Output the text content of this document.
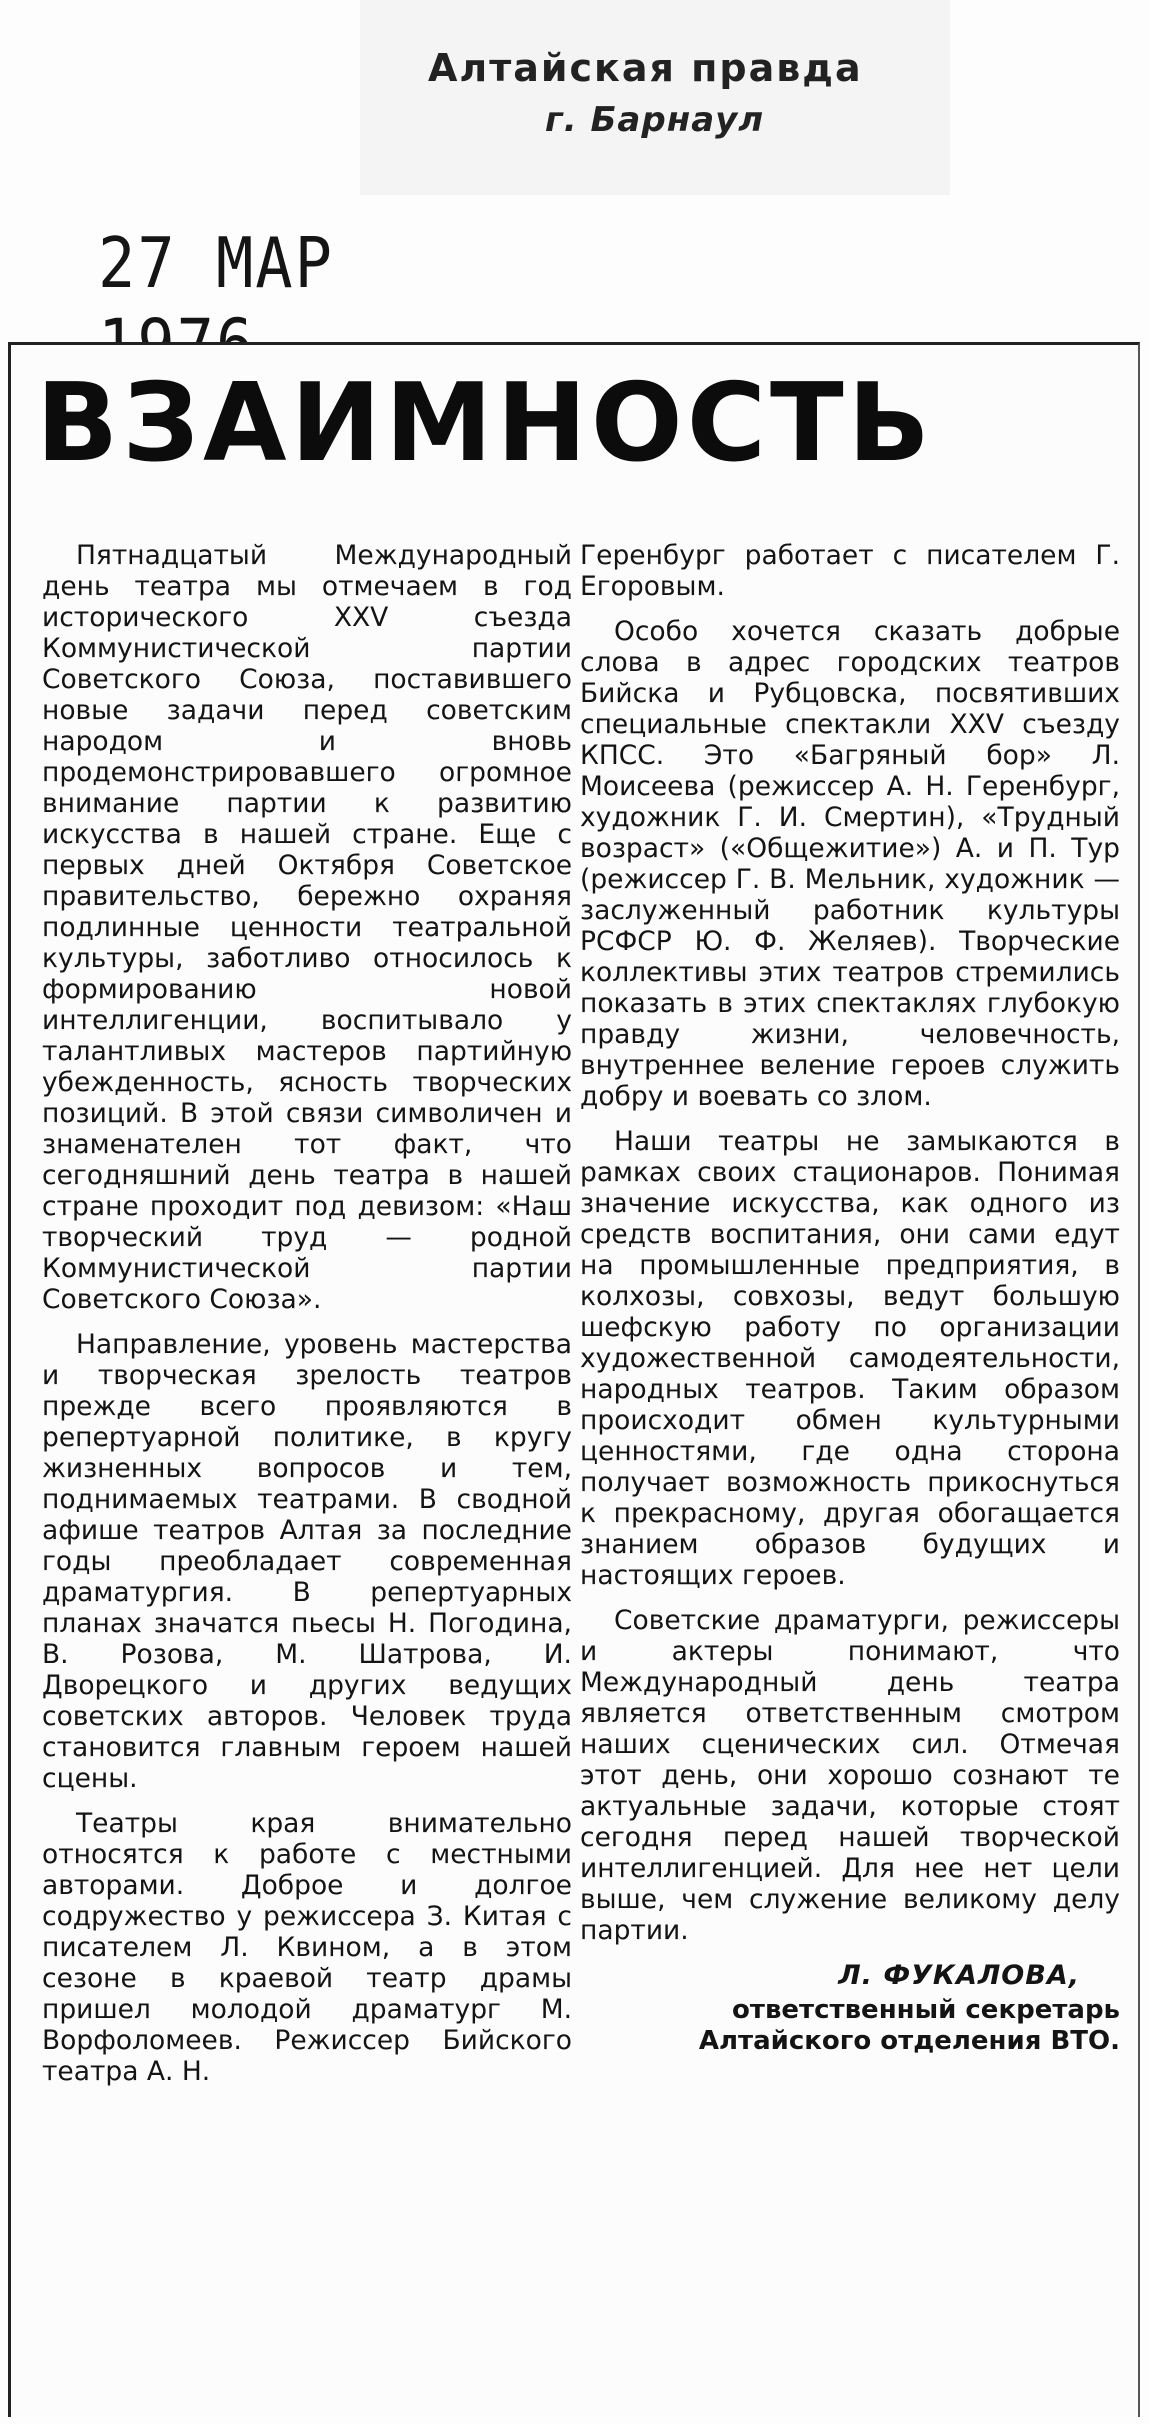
Алтайская правда
г. Барнаул
27 МАР
ВЗАИМНОСТЬ

Пятнадцатый Международный день театра мы отмечаем в год исторического XXV съезда Коммунистической партии Советского Союза, поставившего новые задачи перед советским народом и вновь продемонстрировавшего огромное внимание партии к развитию искусства в нашей стране. Еще с первых дней Октября Советское правительство, бережно охраняя подлинные ценности театральной культуры, заботливо относилось к формированию новой интеллигенции, воспитывало у талантливых мастеров партийную убежденность, ясность творческих позиций. В этой связи символичен и знаменателен тот факт, что сегодняшний день театра в нашей стране проходит под девизом: «Наш творческий труд — родной Коммунистической партии Советского Союза».

Направление, уровень мастерства и творческая зрелость театров прежде всего проявляются в репертуарной политике, в кругу жизненных вопросов и тем, поднимаемых театрами. В сводной афише театров Алтая за последние годы преобладает современная драматургия. В репертуарных планах значатся пьесы Н. Погодина, В. Розова, М. Шатрова, И. Дворецкого и других ведущих советских авторов. Человек труда становится главным героем нашей сцены.

Театры края внимательно относятся к работе с местными авторами. Доброе и долгое содружество у режиссера З. Китая с писателем Л. Квином, а в этом сезоне в краевой театр драмы пришел молодой драматург М. Ворфоломеев. Режиссер Бийского театра А. Н.

Геренбург работает с писателем Г. Егоровым.

Особо хочется сказать добрые слова в адрес городских театров Бийска и Рубцовска, посвятивших специальные спектакли XXV съезду КПСС. Это «Багряный бор» Л. Моисеева (режиссер А. Н. Геренбург, художник Г. И. Смертин), «Трудный возраст» («Общежитие») А. и П. Тур (режиссер Г. В. Мельник, художник — заслуженный работник культуры РСФСР Ю. Ф. Желяев). Творческие коллективы этих театров стремились показать в этих спектаклях глубокую правду жизни, человечность, внутреннее веление героев служить добру и воевать со злом.

Наши театры не замыкаются в рамках своих стационаров. Понимая значение искусства, как одного из средств воспитания, они сами едут на промышленные предприятия, в колхозы, совхозы, ведут большую шефскую работу по организации художественной самодеятельности, народных театров. Таким образом происходит обмен культурными ценностями, где одна сторона получает возможность прикоснуться к прекрасному, другая обогащается знанием образов будущих и настоящих героев.

Советские драматурги, режиссеры и актеры понимают, что Международный день театра является ответственным смотром наших сценических сил. Отмечая этот день, они хорошо сознают те актуальные задачи, которые стоят сегодня перед нашей творческой интеллигенцией. Для нее нет цели выше, чем служение великому делу партии.

Л. ФУКАЛОВА,
ответственный секретарь Алтайского отделения ВТО.
